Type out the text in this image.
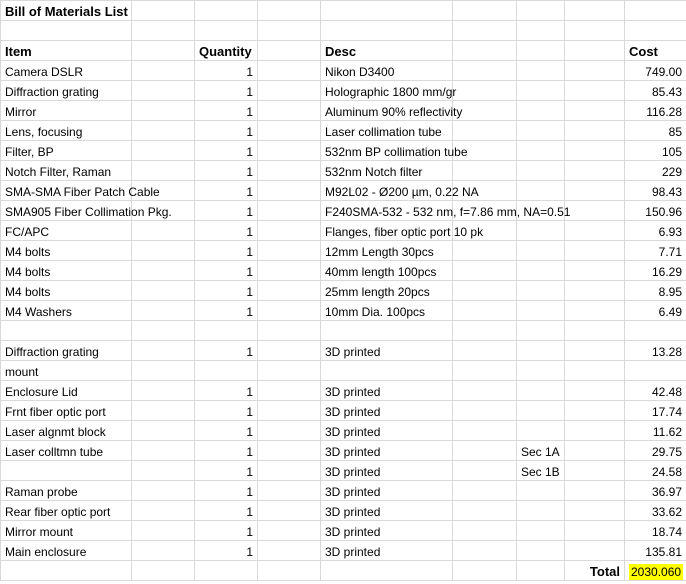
Bill of Materials List								

Item		Quantity		Desc				Cost
Camera DSLR		1		Nikon D3400				749.00
Diffraction grating		1		Holographic 1800 mm/gr				85.43
Mirror		1		Aluminum 90% reflectivity				116.28
Lens, focusing		1		Laser collimation tube				85
Filter, BP		1		532nm BP collimation tube				105
Notch Filter, Raman		1		532nm Notch filter				229
SMA-SMA Fiber Patch Cable		1		M92L02 - Ø200 µm, 0.22 NA				98.43
SMA905 Fiber Collimation Pkg.		1		F240SMA-532 - 532 nm, f=7.86 mm, NA=0.51				150.96
FC/APC		1		Flanges, fiber optic port 10 pk				6.93
M4 bolts		1		12mm Length 30pcs				7.71
M4 bolts		1		40mm length 100pcs				16.29
M4 bolts		1		25mm length 20pcs				8.95
M4 Washers		1		10mm Dia. 100pcs				6.49

Diffraction grating		1		3D printed				13.28
mount								
Enclosure Lid		1		3D printed				42.48
Frnt fiber optic port		1		3D printed				17.74
Laser algnmt block		1		3D printed				11.62
Laser colltmn tube		1		3D printed		Sec 1A		29.75
		1		3D printed		Sec 1B		24.58
Raman probe		1		3D printed				36.97
Rear fiber optic port		1		3D printed				33.62
Mirror mount		1		3D printed				18.74
Main enclosure		1		3D printed				135.81
							Total	2030.060
